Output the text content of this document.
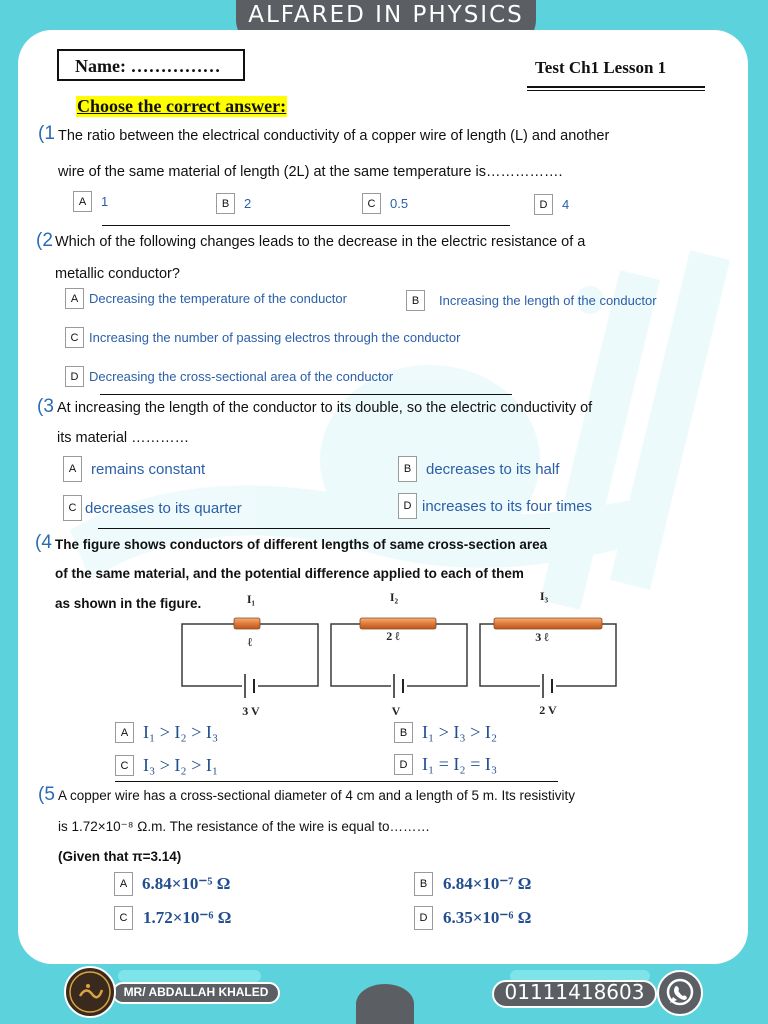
ALFARED IN PHYSICS
Name: ……………	Test Ch1 Lesson 1
Choose the correct answer:
(1 The ratio between the electrical conductivity of a copper wire of length (L) and another
wire of the same material of length (2L) at the same temperature is…………….
A	1	B	2	C	0.5	D	4
(2 Which of the following changes leads to the decrease in the electric resistance of a
metallic conductor?
A Decreasing the temperature of the conductor	B	Increasing the length of the conductor
C Increasing the number of passing electros through the conductor
D Decreasing the cross-sectional area of the conductor
(3 At increasing the length of the conductor to its double, so the electric conductivity of
its material …………
A remains constant	B decreases to its half
C decreases to its quarter	D increases to its four times
(4 The figure shows conductors of different lengths of same cross-section area
of the same material, and the potential difference applied to each of them
as shown in the figure.	I₁	I₂	I₃
ℓ	2 ℓ	3 ℓ
3 V	V	2 V
A I₁ > I₂ > I₃	B I₁ > I₃ > I₂
C I₃ > I₂ > I₁	D I₁ = I₂ = I₃
(5 A copper wire has a cross-sectional diameter of 4 cm and a length of 5 m. Its resistivity
is 1.72×10⁻⁸ Ω.m. The resistance of the wire is equal to………
(Given that π=3.14)
A 6.84×10⁻⁵ Ω	B 6.84×10⁻⁷ Ω
C 1.72×10⁻⁶ Ω	D 6.35×10⁻⁶ Ω
MR/ ABDALLAH KHALED	01111418603
